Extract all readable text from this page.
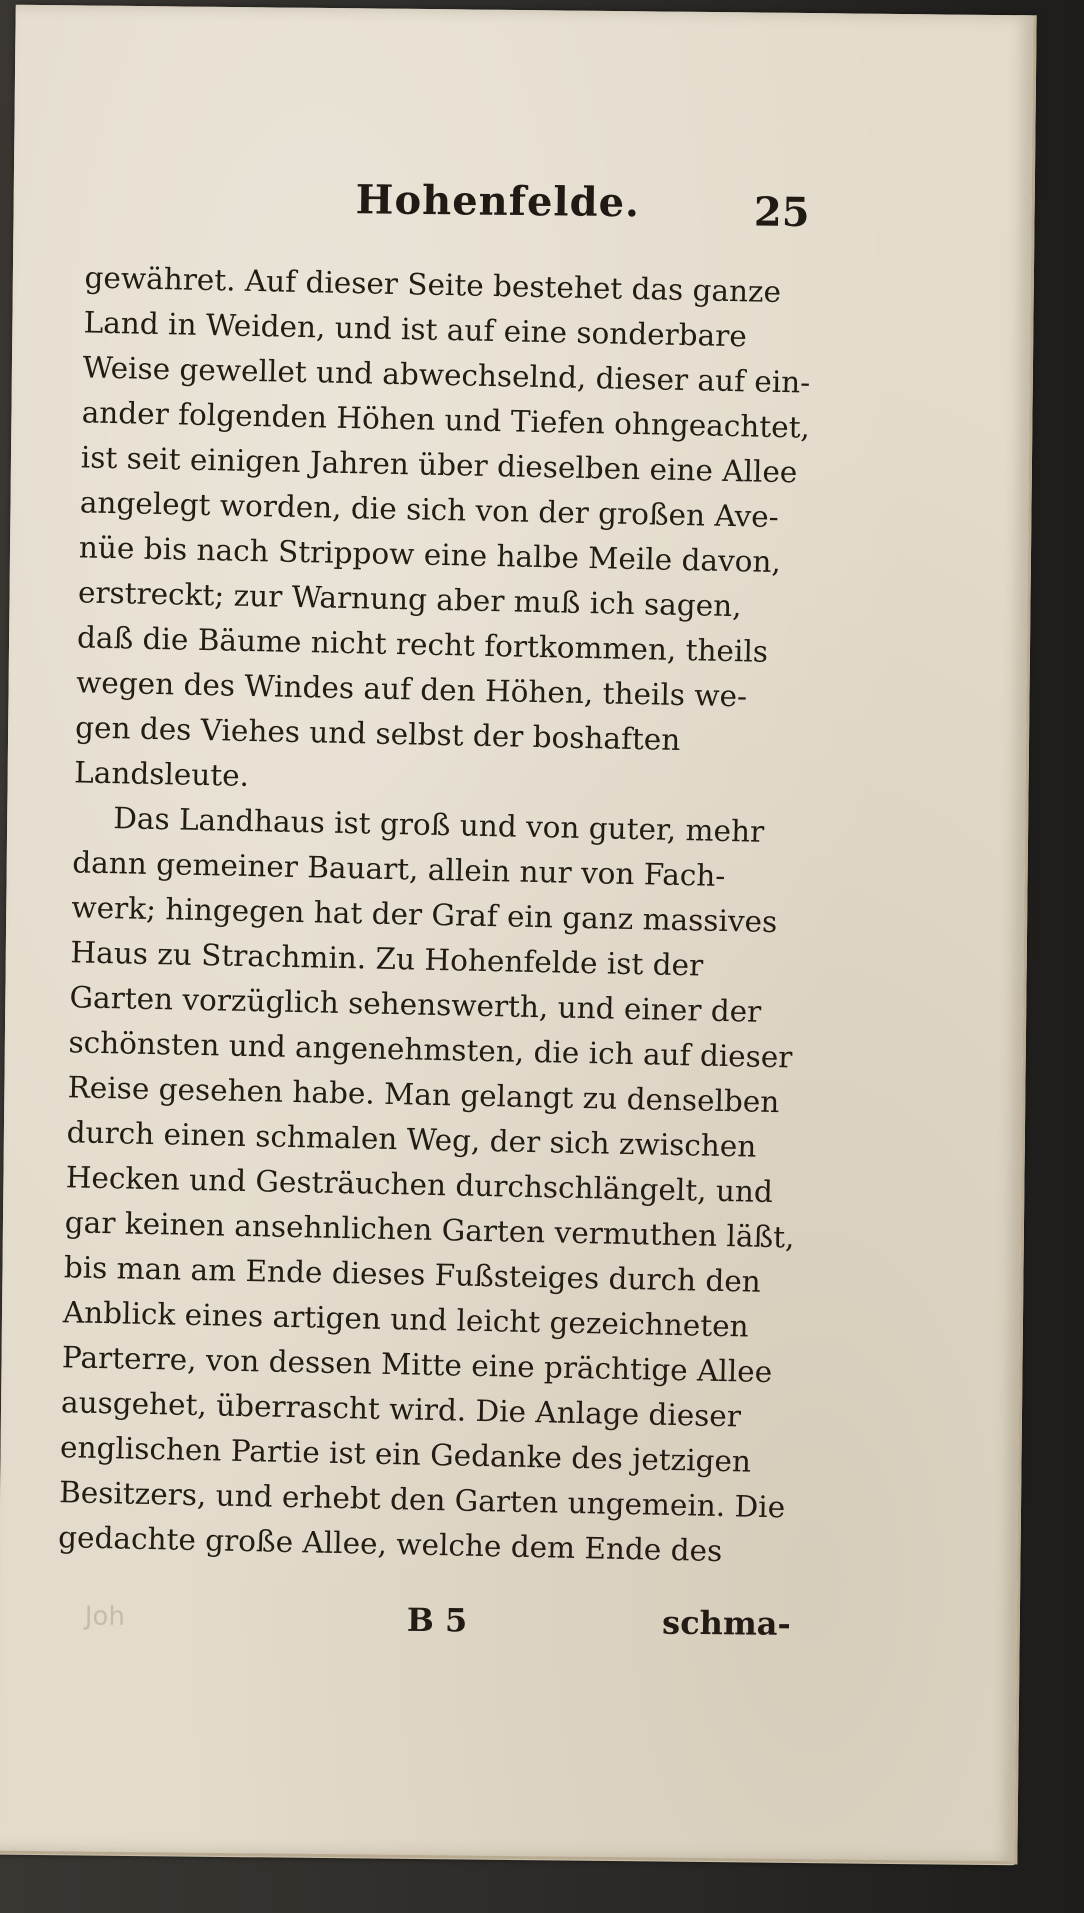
Hohenfelde.	25

gewähret. Auf dieser Seite bestehet das ganze
Land in Weiden, und ist auf eine sonderbare
Weise gewellet und abwechselnd, dieser auf ein-
ander folgenden Höhen und Tiefen ohngeachtet,
ist seit einigen Jahren über dieselben eine Allee
angelegt worden, die sich von der großen Ave-
nüe bis nach Strippow eine halbe Meile davon,
erstreckt; zur Warnung aber muß ich sagen,
daß die Bäume nicht recht fortkommen, theils
wegen des Windes auf den Höhen, theils we-
gen des Viehes und selbst der boshaften
Landsleute.

Das Landhaus ist groß und von guter, mehr
dann gemeiner Bauart, allein nur von Fach-
werk; hingegen hat der Graf ein ganz massives
Haus zu Strachmin. Zu Hohenfelde ist der
Garten vorzüglich sehenswerth, und einer der
schönsten und angenehmsten, die ich auf dieser
Reise gesehen habe. Man gelangt zu denselben
durch einen schmalen Weg, der sich zwischen
Hecken und Gesträuchen durchschlängelt, und
gar keinen ansehnlichen Garten vermuthen läßt,
bis man am Ende dieses Fußsteiges durch den
Anblick eines artigen und leicht gezeichneten
Parterre, von dessen Mitte eine prächtige Allee
ausgehet, überrascht wird. Die Anlage dieser
englischen Partie ist ein Gedanke des jetzigen
Besitzers, und erhebt den Garten ungemein. Die
gedachte große Allee, welche dem Ende des

Joh	B 5	schma-
